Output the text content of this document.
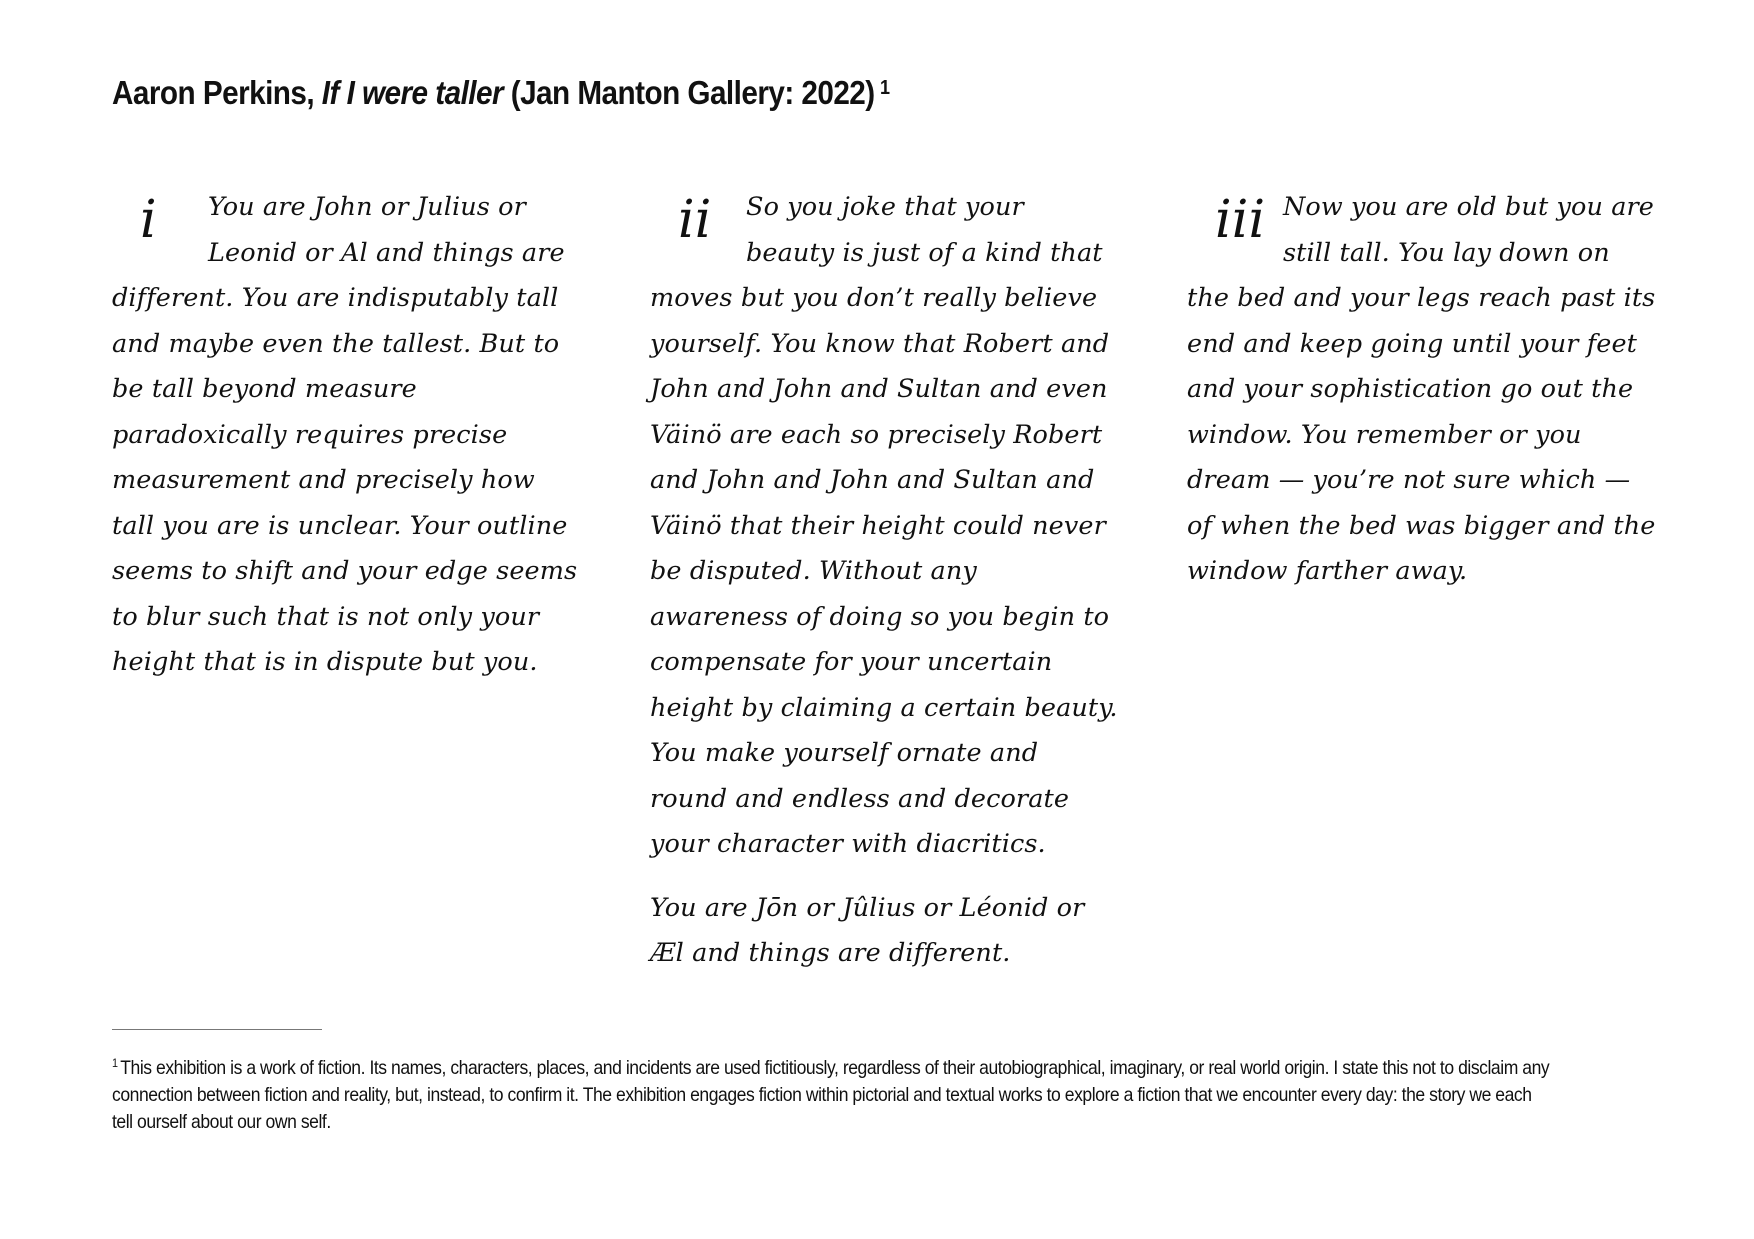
Aaron Perkins, If I were taller (Jan Manton Gallery: 2022) $^1$
i	You are John or Julius or Leonid or Al and things are different. You are indisputably tall and maybe even the tallest. But to be tall beyond measure paradoxically requires precise measurement and precisely how tall you are is unclear. Your outline seems to shift and your edge seems to blur such that is not only your height that is in dispute but you.

ii	So you joke that your beauty is just of a kind that moves but you don’t really believe yourself. You know that Robert and John and John and Sultan and even Väinö are each so precisely Robert and John and John and Sultan and Väinö that their height could never be disputed. Without any awareness of doing so you begin to compensate for your uncertain height by claiming a certain beauty. You make yourself ornate and round and endless and decorate your character with diacritics.

You are Jōn or Jûlius or Léonid or Æl and things are different.

iii Now you are old but you are still tall. You lay down on the bed and your legs reach past its end and keep going until your feet and your sophistication go out the window. You remember or you dream — you’re not sure which — of when the bed was bigger and the window farther away.

$^1$ This exhibition is a work of fiction. Its names, characters, places, and incidents are used fictitiously, regardless of their autobiographical, imaginary, or real world origin. I state this not to disclaim any connection between fiction and reality, but, instead, to confirm it. The exhibition engages fiction within pictorial and textual works to explore a fiction that we encounter every day: the story we each tell ourself about our own self.
